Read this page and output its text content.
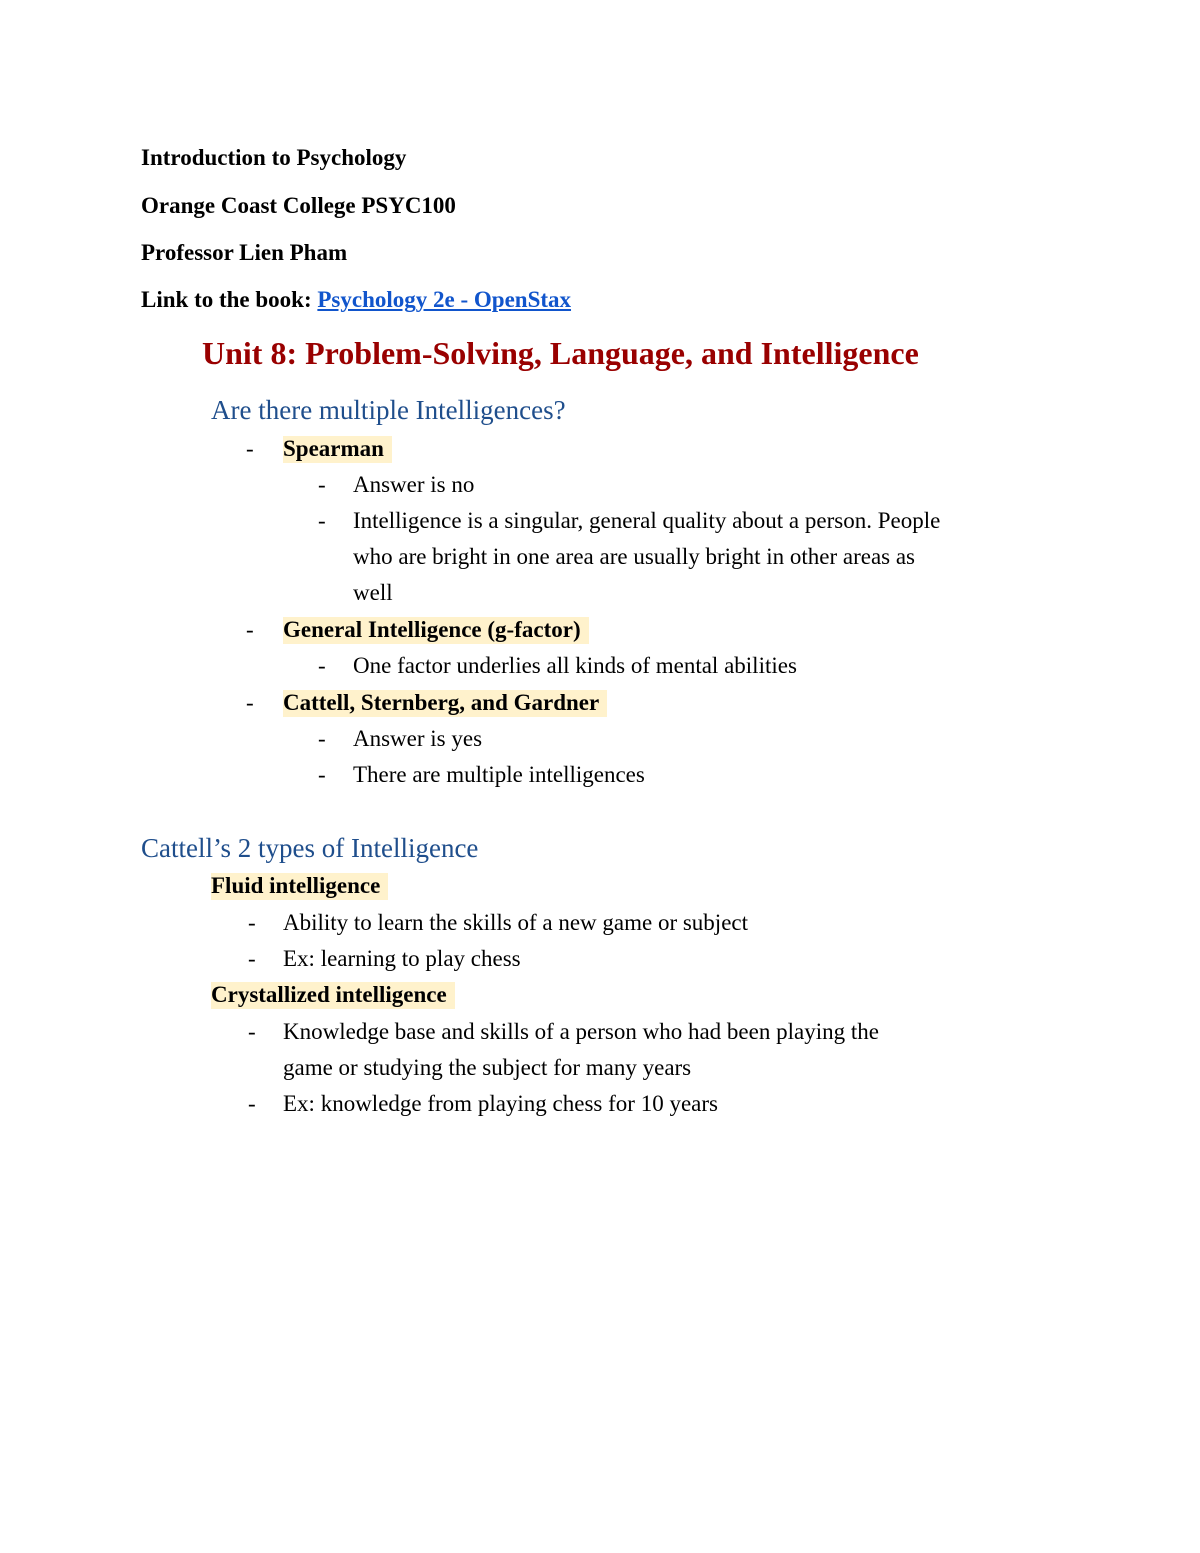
Introduction to Psychology
Orange Coast College PSYC100
Professor Lien Pham
Link to the book: Psychology 2e - OpenStax
Unit 8: Problem-Solving, Language, and Intelligence
Are there multiple Intelligences?
- Spearman
- Answer is no
- Intelligence is a singular, general quality about a person. People
who are bright in one area are usually bright in other areas as
well
- General Intelligence (g-factor)
- One factor underlies all kinds of mental abilities
- Cattell, Sternberg, and Gardner
- Answer is yes
- There are multiple intelligences
Cattell’s 2 types of Intelligence
Fluid intelligence
- Ability to learn the skills of a new game or subject
- Ex: learning to play chess
Crystallized intelligence
- Knowledge base and skills of a person who had been playing the
game or studying the subject for many years
- Ex: knowledge from playing chess for 10 years
